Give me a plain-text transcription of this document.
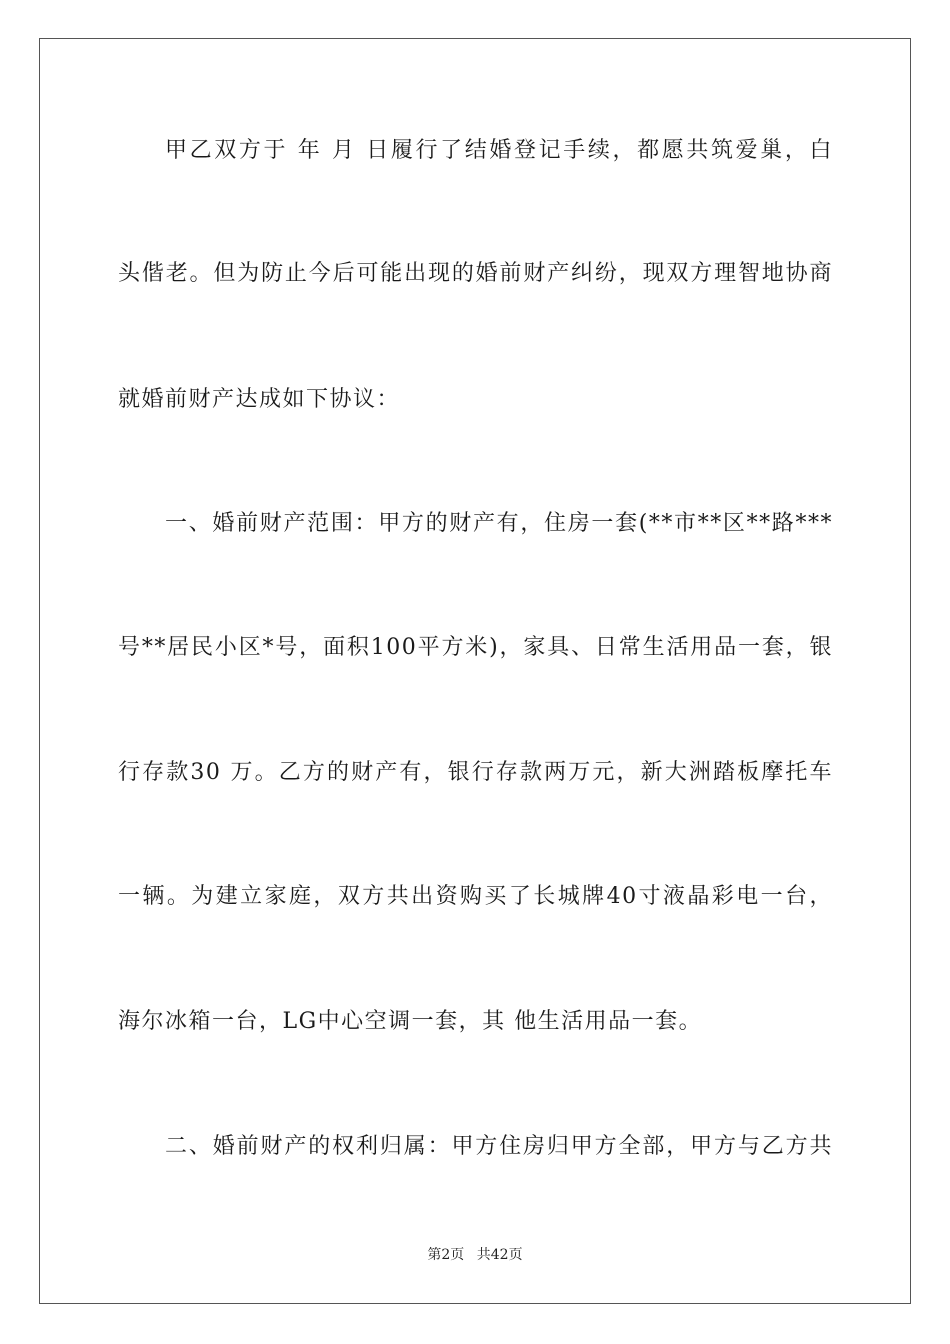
甲乙双方于 年 月 日履行了结婚登记手续，都愿共筑爱巢，白
头偕老。但为防止今后可能出现的婚前财产纠纷，现双方理智地协商
就婚前财产达成如下协议：
一、婚前财产范围：甲方的财产有，住房一套(**市**区**路***
号**居民小区*号，面积100平方米)，家具、日常生活用品一套，银
行存款30 万。乙方的财产有，银行存款两万元，新大洲踏板摩托车
一辆。为建立家庭，双方共出资购买了长城牌40寸液晶彩电一台，
海尔冰箱一台，LG中心空调一套，其 他生活用品一套。
二、婚前财产的权利归属：甲方住房归甲方全部，甲方与乙方共
第2页 共42页
